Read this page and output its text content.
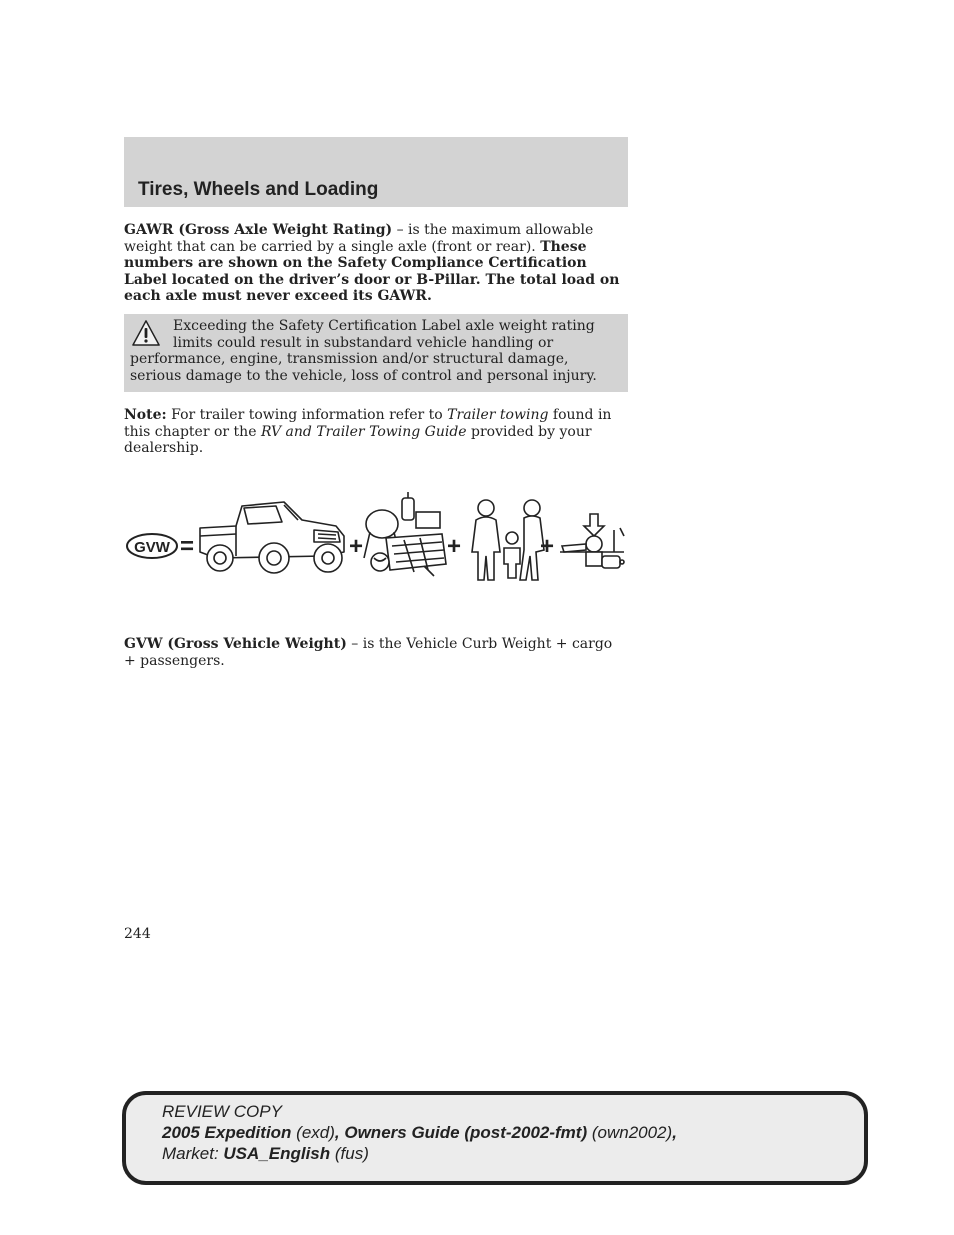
Tires, Wheels and Loading

GAWR (Gross Axle Weight Rating) – is the maximum allowable weight that can be carried by a single axle (front or rear). These numbers are shown on the Safety Compliance Certification Label located on the driver’s door or B-Pillar. The total load on each axle must never exceed its GAWR.

Exceeding the Safety Certification Label axle weight rating limits could result in substandard vehicle handling or performance, engine, transmission and/or structural damage, serious damage to the vehicle, loss of control and personal injury.

Note: For trailer towing information refer to Trailer towing found in this chapter or the RV and Trailer Towing Guide provided by your dealership.

GVW =	+	+	+

GVW (Gross Vehicle Weight) – is the Vehicle Curb Weight + cargo + passengers.

244

REVIEW COPY
2005 Expedition (exd), Owners Guide (post-2002-fmt) (own2002),
Market: USA_English (fus)
